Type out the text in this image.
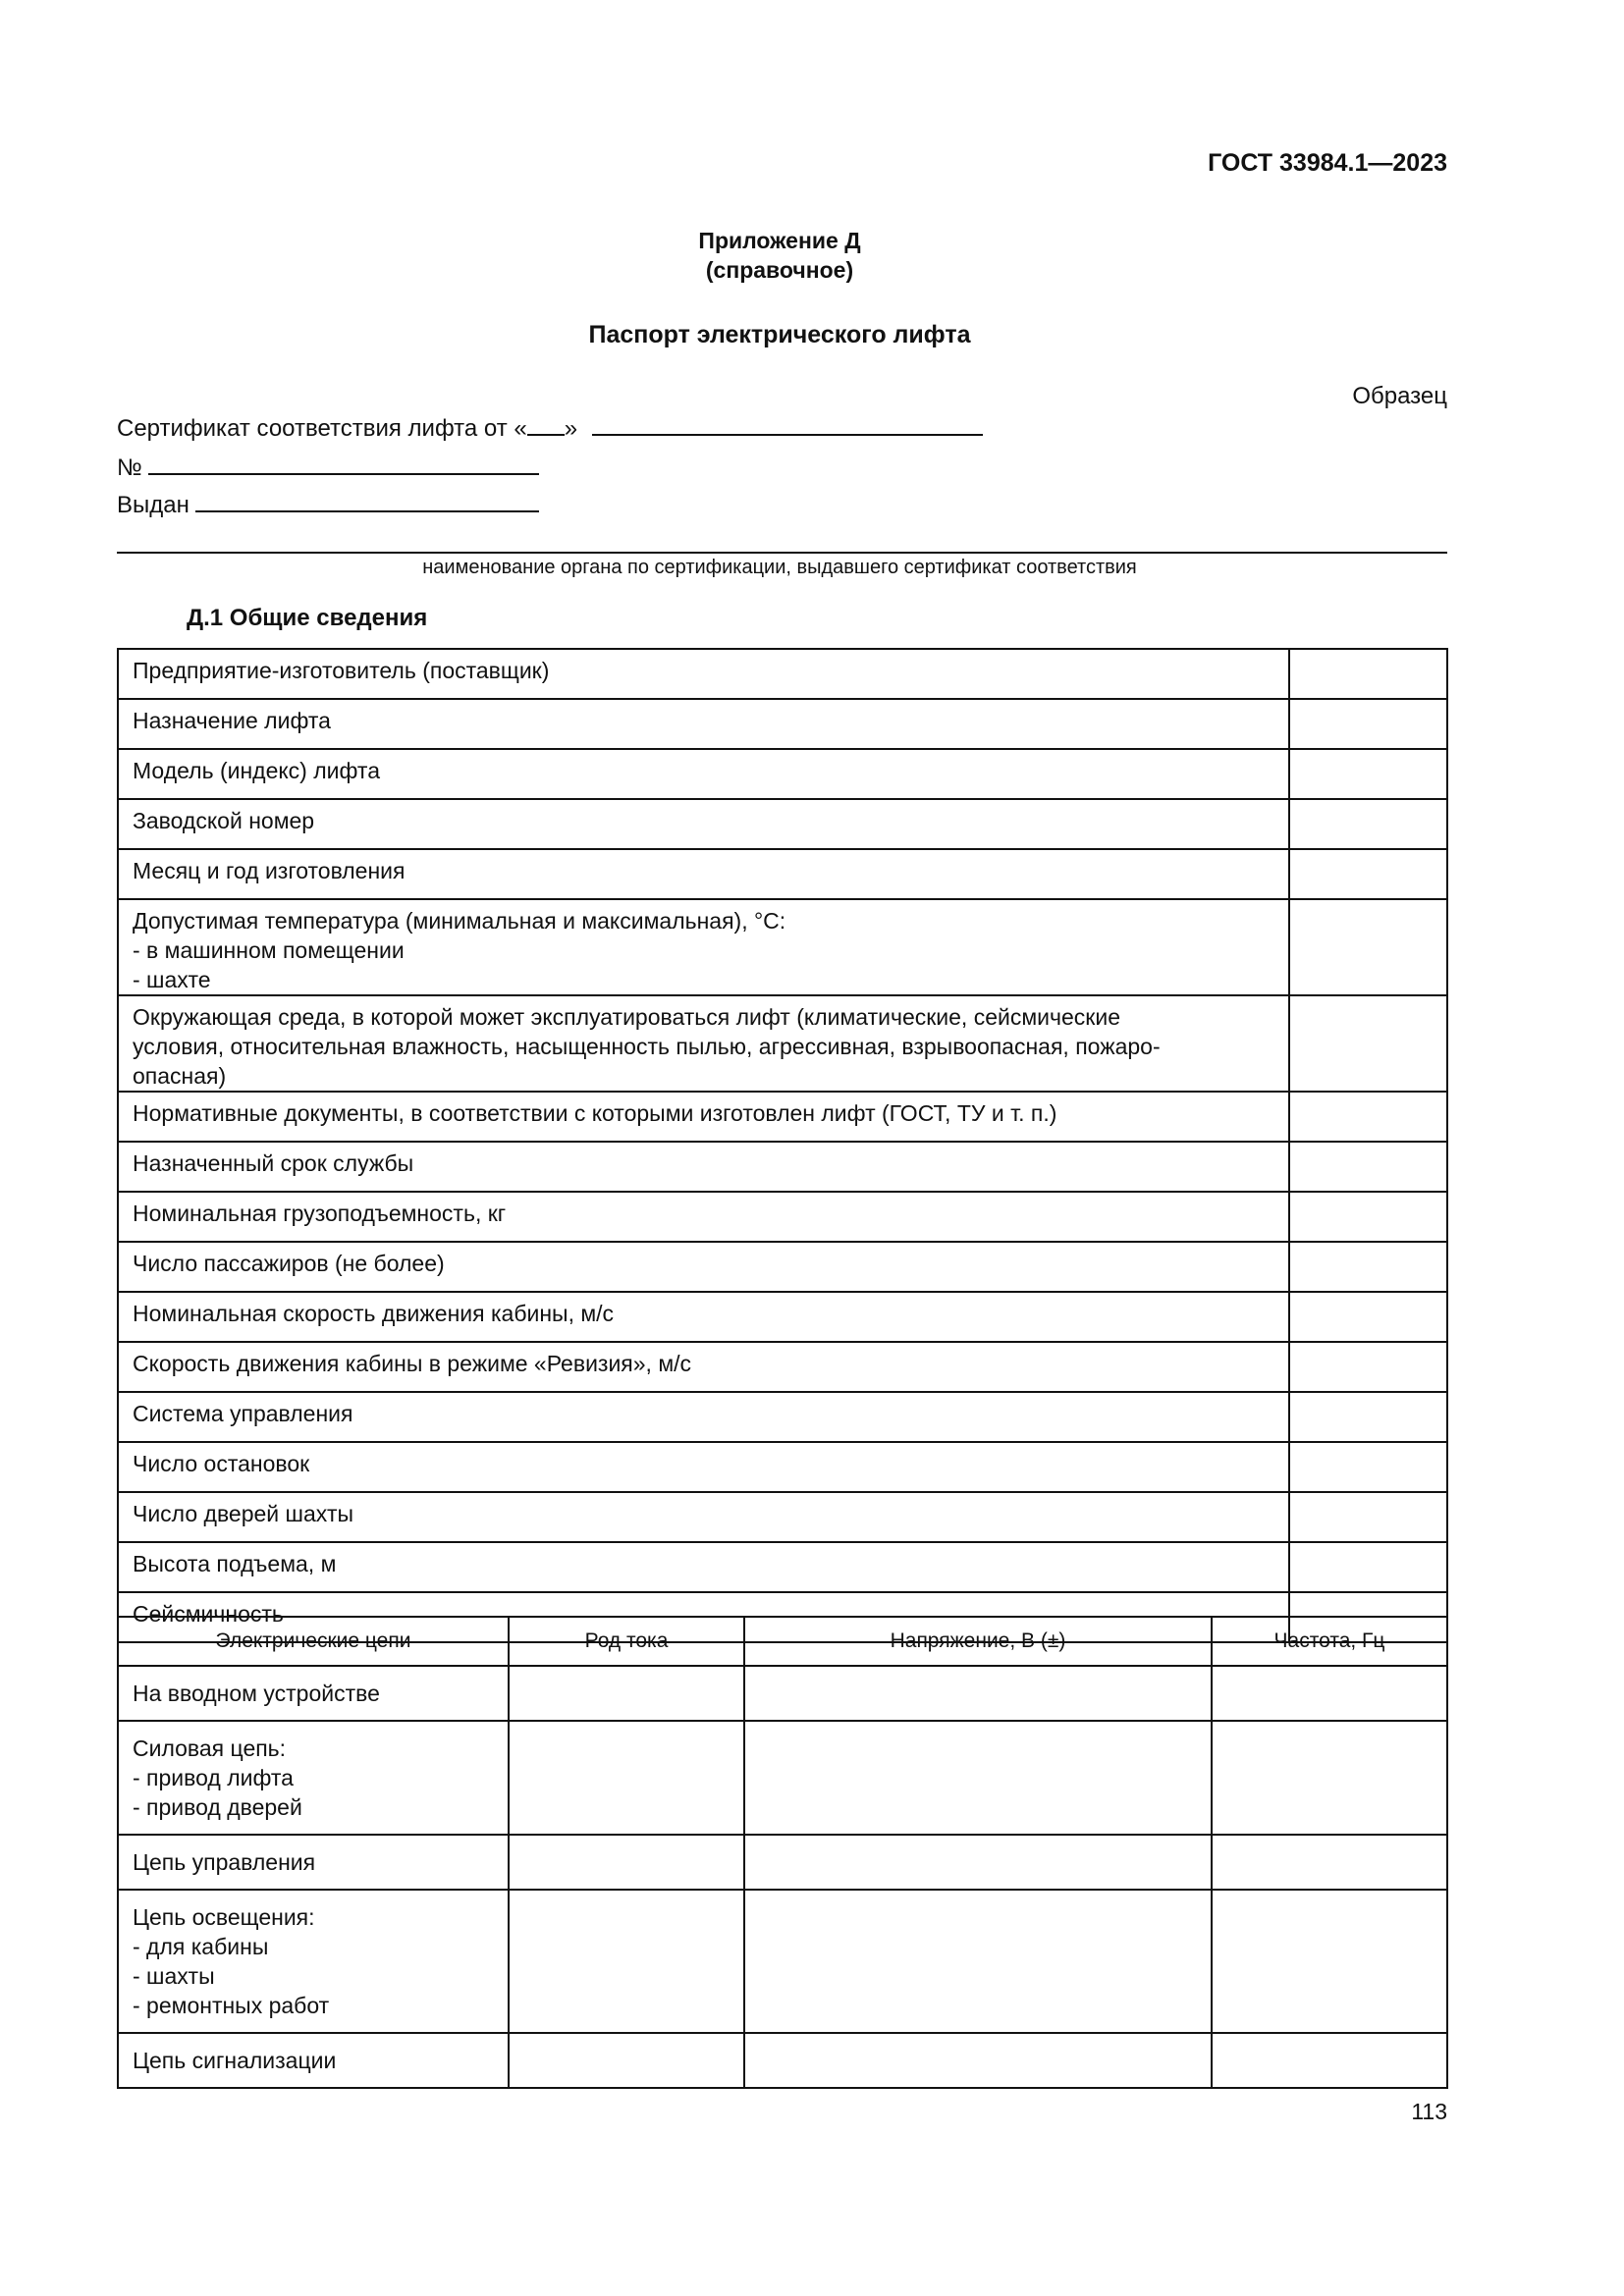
ГОСТ 33984.1—2023
Приложение Д
(справочное)
Паспорт электрического лифта
Образец
Сертификат соответствия лифта от « »
№
Выдан
наименование органа по сертификации, выдавшего сертификат соответствия
Д.1 Общие сведения
Предприятие-изготовитель (поставщик)	

Назначение лифта	

Модель (индекс) лифта	

Заводской номер	

Месяц и год изготовления	

Допустимая температура (минимальная и максимальная), °C:
- в машинном помещении
- шахте	

Окружающая среда, в которой может эксплуатироваться лифт (климатические, сейсмические
условия, относительная влажность, насыщенность пылью, агрессивная, взрывоопасная, пожаро-
опасная)	

Нормативные документы, в соответствии с которыми изготовлен лифт (ГОСТ, ТУ и т. п.)	

Назначенный срок службы	

Номинальная грузоподъемность, кг	

Число пассажиров (не более)	

Номинальная скорость движения кабины, м/с	

Скорость движения кабины в режиме «Ревизия», м/с	

Система управления	

Число остановок	

Число дверей шахты	

Высота подъема, м	

Сейсмичность	

Электрические цепи	Род тока	Напряжение, В (±)	Частота, Гц

На вводном устройстве			

Силовая цепь:
- привод лифта
- привод дверей			

Цепь управления			

Цепь освещения:
- для кабины
- шахты
- ремонтных работ			

Цепь сигнализации			

113
